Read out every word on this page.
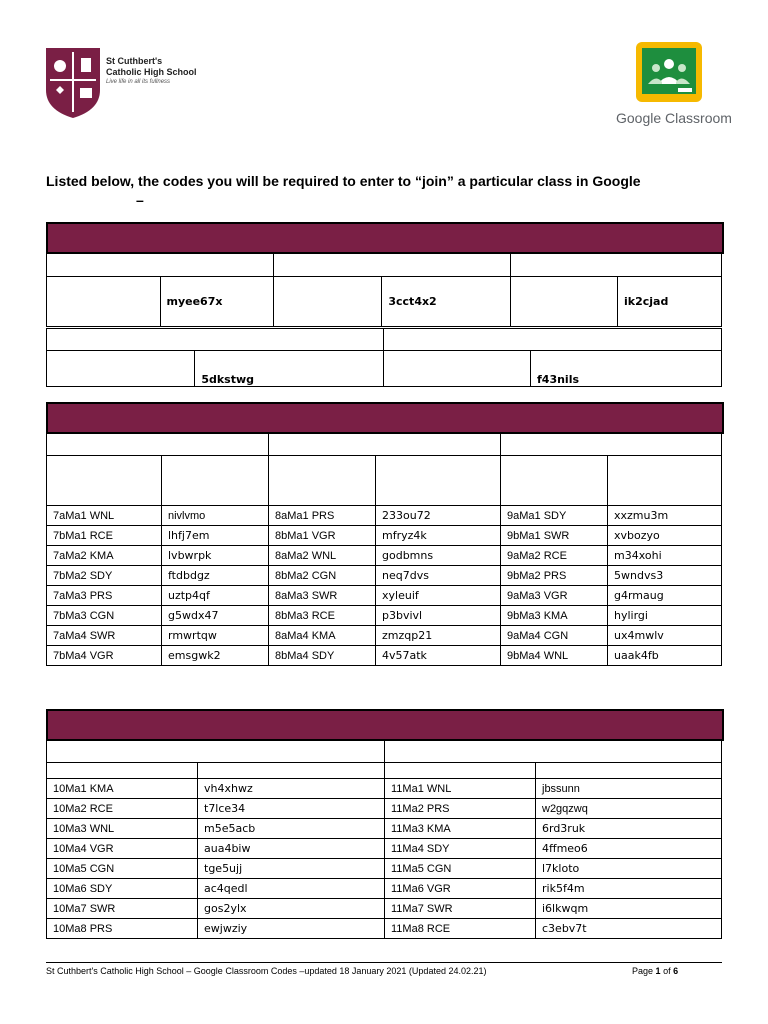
St Cuthbert's
Catholic High School
Live life in all its fullness
Google Classroom
Listed below, the codes you will be required to enter to “join” a particular class in Google
–

	myee67x		3cct4x2		ik2cjad

	5dkstwg		f43nils

7aMa1 WNL	nivlvmo	8aMa1 PRS	233ou72	9aMa1 SDY	xxzmu3m
7bMa1 RCE	lhfj7em	8bMa1 VGR	mfryz4k	9bMa1 SWR	xvbozyo
7aMa2 KMA	lvbwrpk	8aMa2 WNL	godbmns	9aMa2 RCE	m34xohi
7bMa2 SDY	ftdbdgz	8bMa2 CGN	neq7dvs	9bMa2 PRS	5wndvs3
7aMa3 PRS	uztp4qf	8aMa3 SWR	xyleuif	9aMa3 VGR	g4rmaug
7bMa3 CGN	g5wdx47	8bMa3 RCE	p3bvivl	9bMa3 KMA	hylirgi
7aMa4 SWR	rmwrtqw	8aMa4 KMA	zmzqp21	9aMa4 CGN	ux4mwlv
7bMa4 VGR	emsgwk2	8bMa4 SDY	4v57atk	9bMa4 WNL	uaak4fb

10Ma1 KMA	vh4xhwz	11Ma1 WNL	jbssunn
10Ma2 RCE	t7lce34	11Ma2 PRS	w2gqzwq
10Ma3 WNL	m5e5acb	11Ma3 KMA	6rd3ruk
10Ma4 VGR	aua4biw	11Ma4 SDY	4ffmeo6
10Ma5 CGN	tge5ujj	11Ma5 CGN	l7kloto
10Ma6 SDY	ac4qedl	11Ma6 VGR	rik5f4m
10Ma7 SWR	gos2ylx	11Ma7 SWR	i6lkwqm
10Ma8 PRS	ewjwziy	11Ma8 RCE	c3ebv7t
St Cuthbert's Catholic High School – Google Classroom Codes –updated 18 January 2021 (Updated 24.02.21)	Page 1 of 6
